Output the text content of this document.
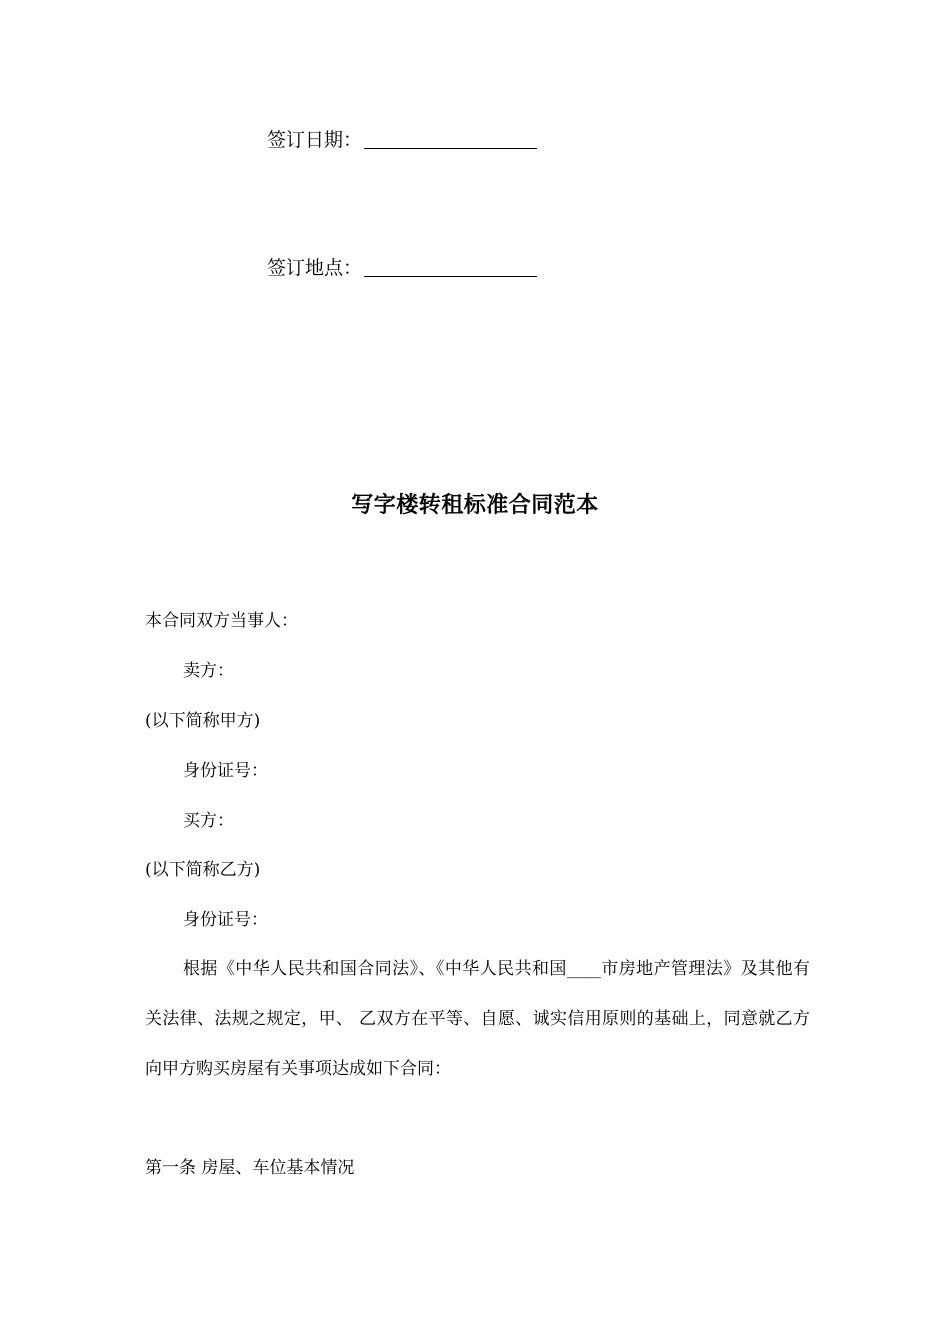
签订日期：
签订地点：
写字楼转租标准合同范本
本合同双方当事人：
卖方：
(以下简称甲方)
身份证号：
买方：
(以下简称乙方)
身份证号：
根据《中华人民共和国合同法》、《中华人民共和国____市房地产管理法》及其他有关法律、法规之规定，甲、 乙双方在平等、自愿、诚实信用原则的基础上，同意就乙方向甲方购买房屋有关事项达成如下合同：
第一条 房屋、车位基本情况
